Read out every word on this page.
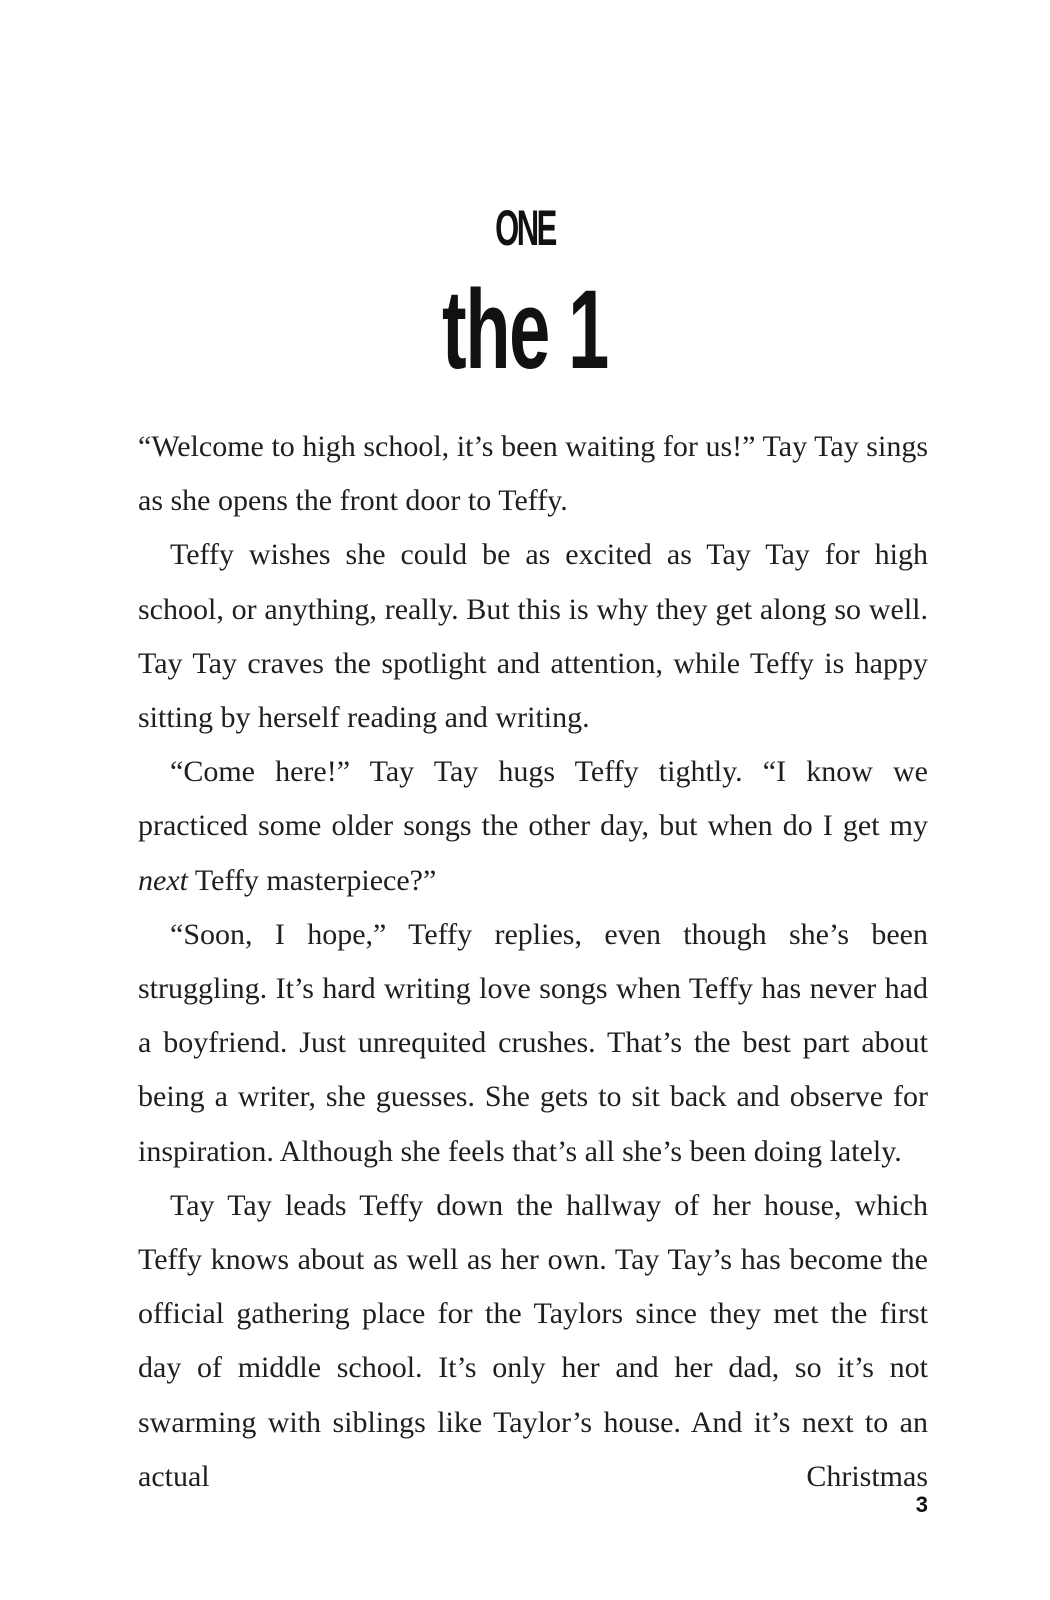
ONE
the 1

“Welcome to high school, it’s been waiting for us!” Tay Tay sings as she opens the front door to Teffy.

Teffy wishes she could be as excited as Tay Tay for high school, or anything, really. But this is why they get along so well. Tay Tay craves the spotlight and attention, while Teffy is happy sitting by herself reading and writing.

“Come here!” Tay Tay hugs Teffy tightly. “I know we practiced some older songs the other day, but when do I get my next Teffy masterpiece?”

“Soon, I hope,” Teffy replies, even though she’s been struggling. It’s hard writing love songs when Teffy has never had a boyfriend. Just unrequited crushes. That’s the best part about being a writer, she guesses. She gets to sit back and observe for inspiration. Although she feels that’s all she’s been doing lately.

Tay Tay leads Teffy down the hallway of her house, which Teffy knows about as well as her own. Tay Tay’s has become the official gathering place for the Taylors since they met the first day of middle school. It’s only her and her dad, so it’s not swarming with siblings like Taylor’s house. And it’s next to an actual Christmas

3
